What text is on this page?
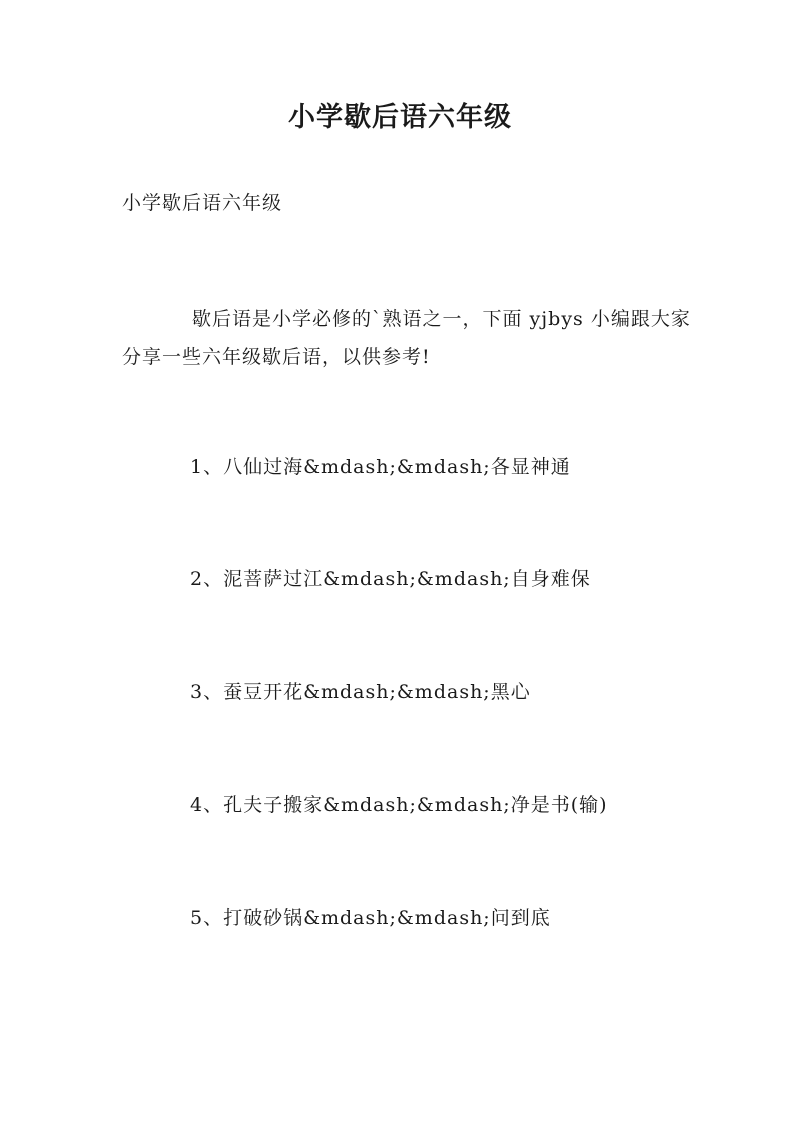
小学歇后语六年级
小学歇后语六年级

歇后语是小学必修的`熟语之一，下面 yjbys 小编跟大家分享一些六年级歇后语，以供参考!

1、八仙过海&mdash;&mdash;各显神通
2、泥菩萨过江&mdash;&mdash;自身难保
3、蚕豆开花&mdash;&mdash;黑心
4、孔夫子搬家&mdash;&mdash;净是书(输)
5、打破砂锅&mdash;&mdash;问到底
